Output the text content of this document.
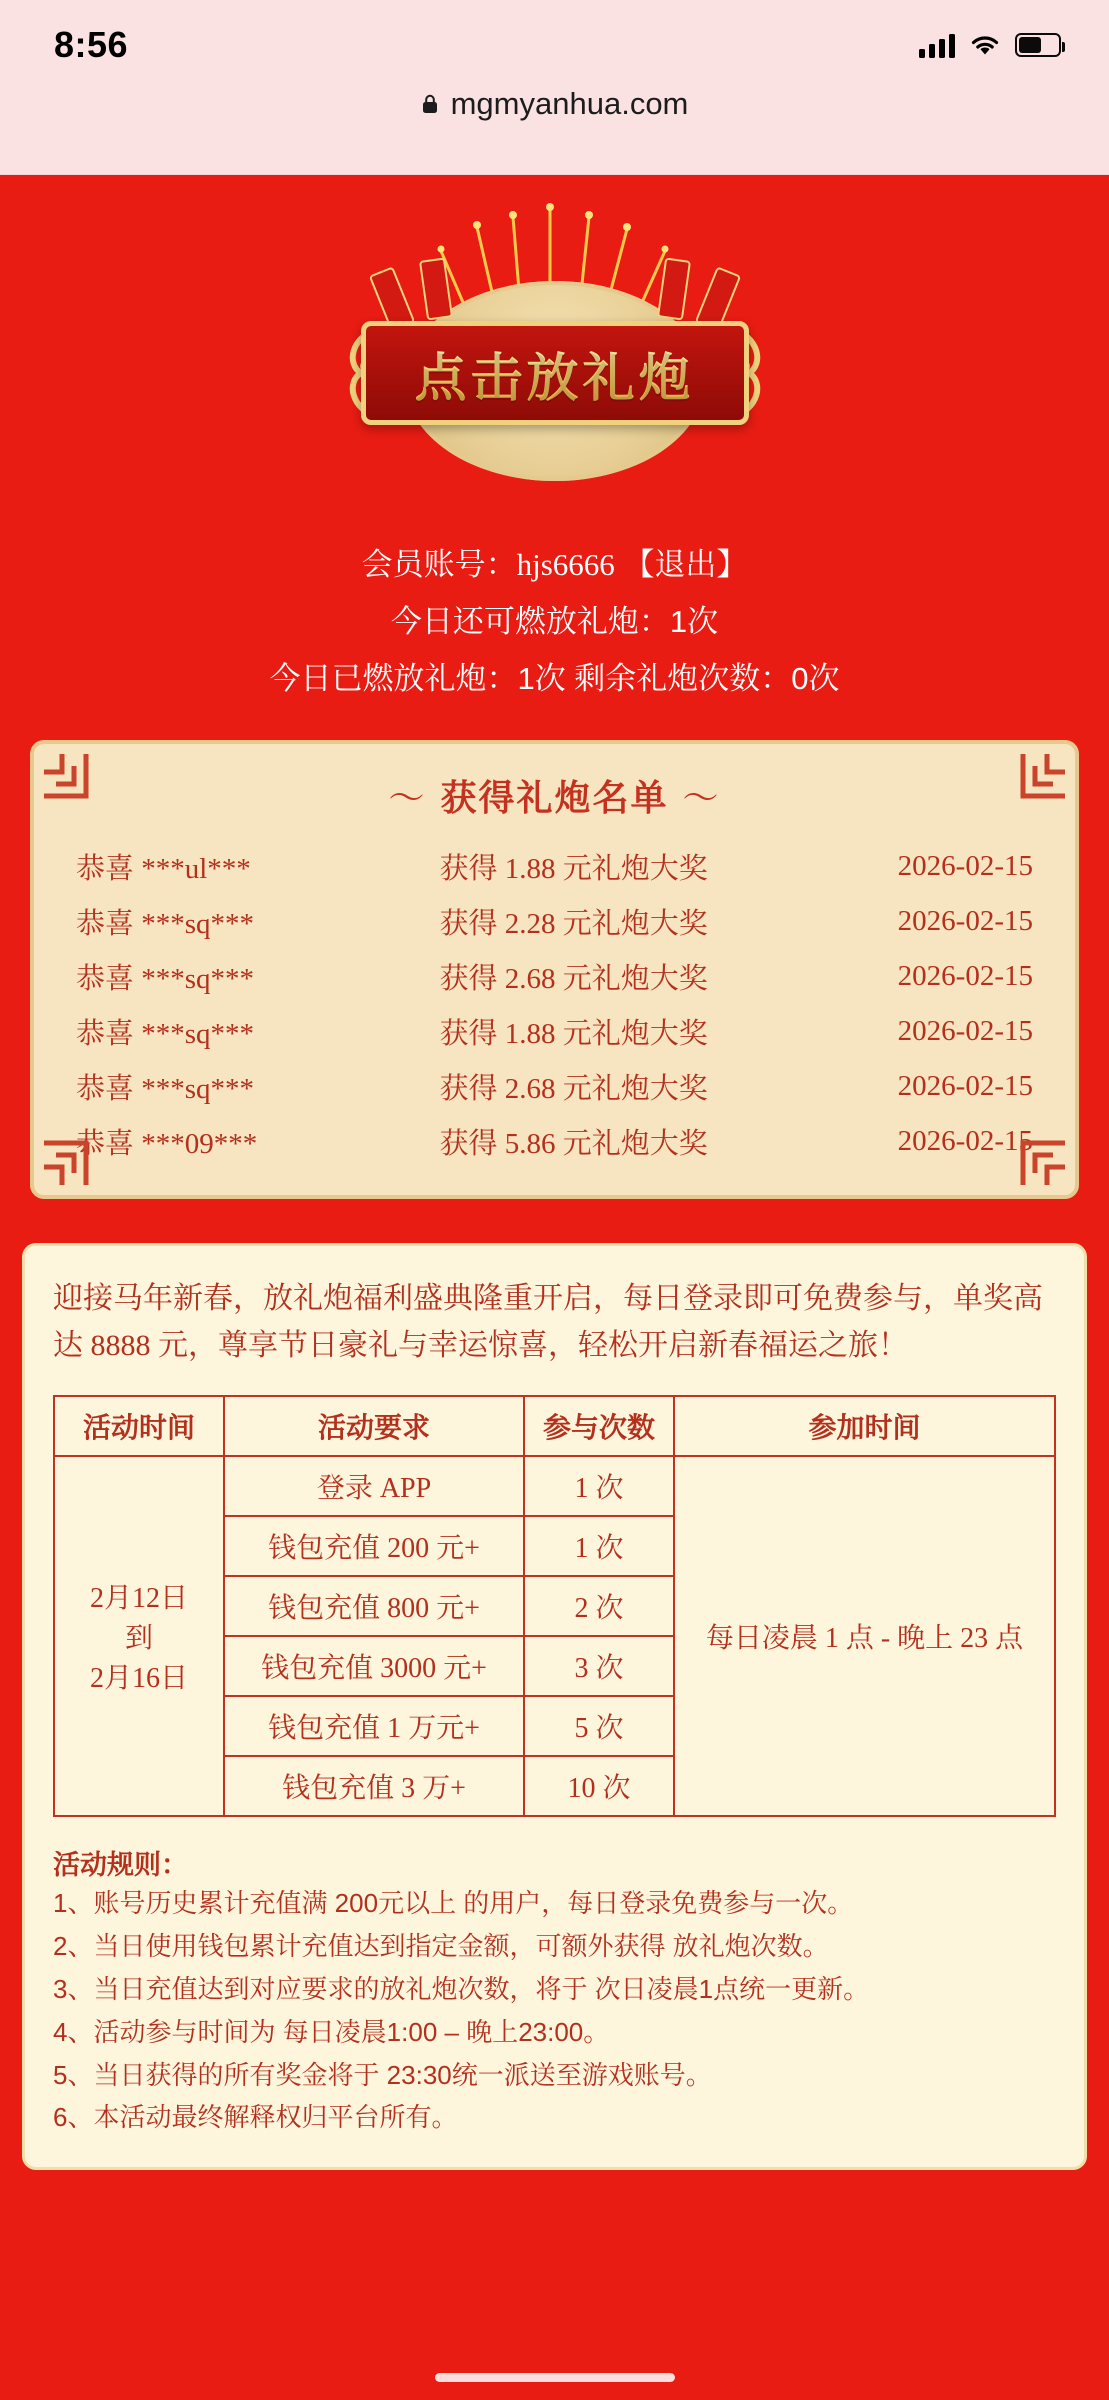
8:56
mgmyanhua.com
点击放礼炮
会员账号：hjs6666 【退出】
今日还可燃放礼炮：1次
今日已燃放礼炮：1次 剩余礼炮次数：0次
～ 获得礼炮名单 ～
恭喜 ***ul***	获得 1.88 元礼炮大奖	2026-02-15
恭喜 ***sq***	获得 2.28 元礼炮大奖	2026-02-15
恭喜 ***sq***	获得 2.68 元礼炮大奖	2026-02-15
恭喜 ***sq***	获得 1.88 元礼炮大奖	2026-02-15
恭喜 ***sq***	获得 2.68 元礼炮大奖	2026-02-15
恭喜 ***09***	获得 5.86 元礼炮大奖	2026-02-15
迎接马年新春，放礼炮福利盛典隆重开启，每日登录即可免费参与，单奖高达 8888 元，尊享节日豪礼与幸运惊喜，轻松开启新春福运之旅！
活动时间	活动要求	参与次数	参加时间

2月12日
到
2月16日	登录 APP	1 次	每日凌晨 1 点 - 晚上 23 点
	钱包充值 200 元+	1 次	
	钱包充值 800 元+	2 次	
	钱包充值 3000 元+	3 次	
	钱包充值 1 万元+	5 次	
	钱包充值 3 万+	10 次	
活动规则：
1、账号历史累计充值满 200元以上 的用户，每日登录免费参与一次。
2、当日使用钱包累计充值达到指定金额，可额外获得 放礼炮次数。
3、当日充值达到对应要求的放礼炮次数，将于 次日凌晨1点统一更新。
4、活动参与时间为 每日凌晨1:00 – 晚上23:00。
5、当日获得的所有奖金将于 23:30统一派送至游戏账号。
6、本活动最终解释权归平台所有。
